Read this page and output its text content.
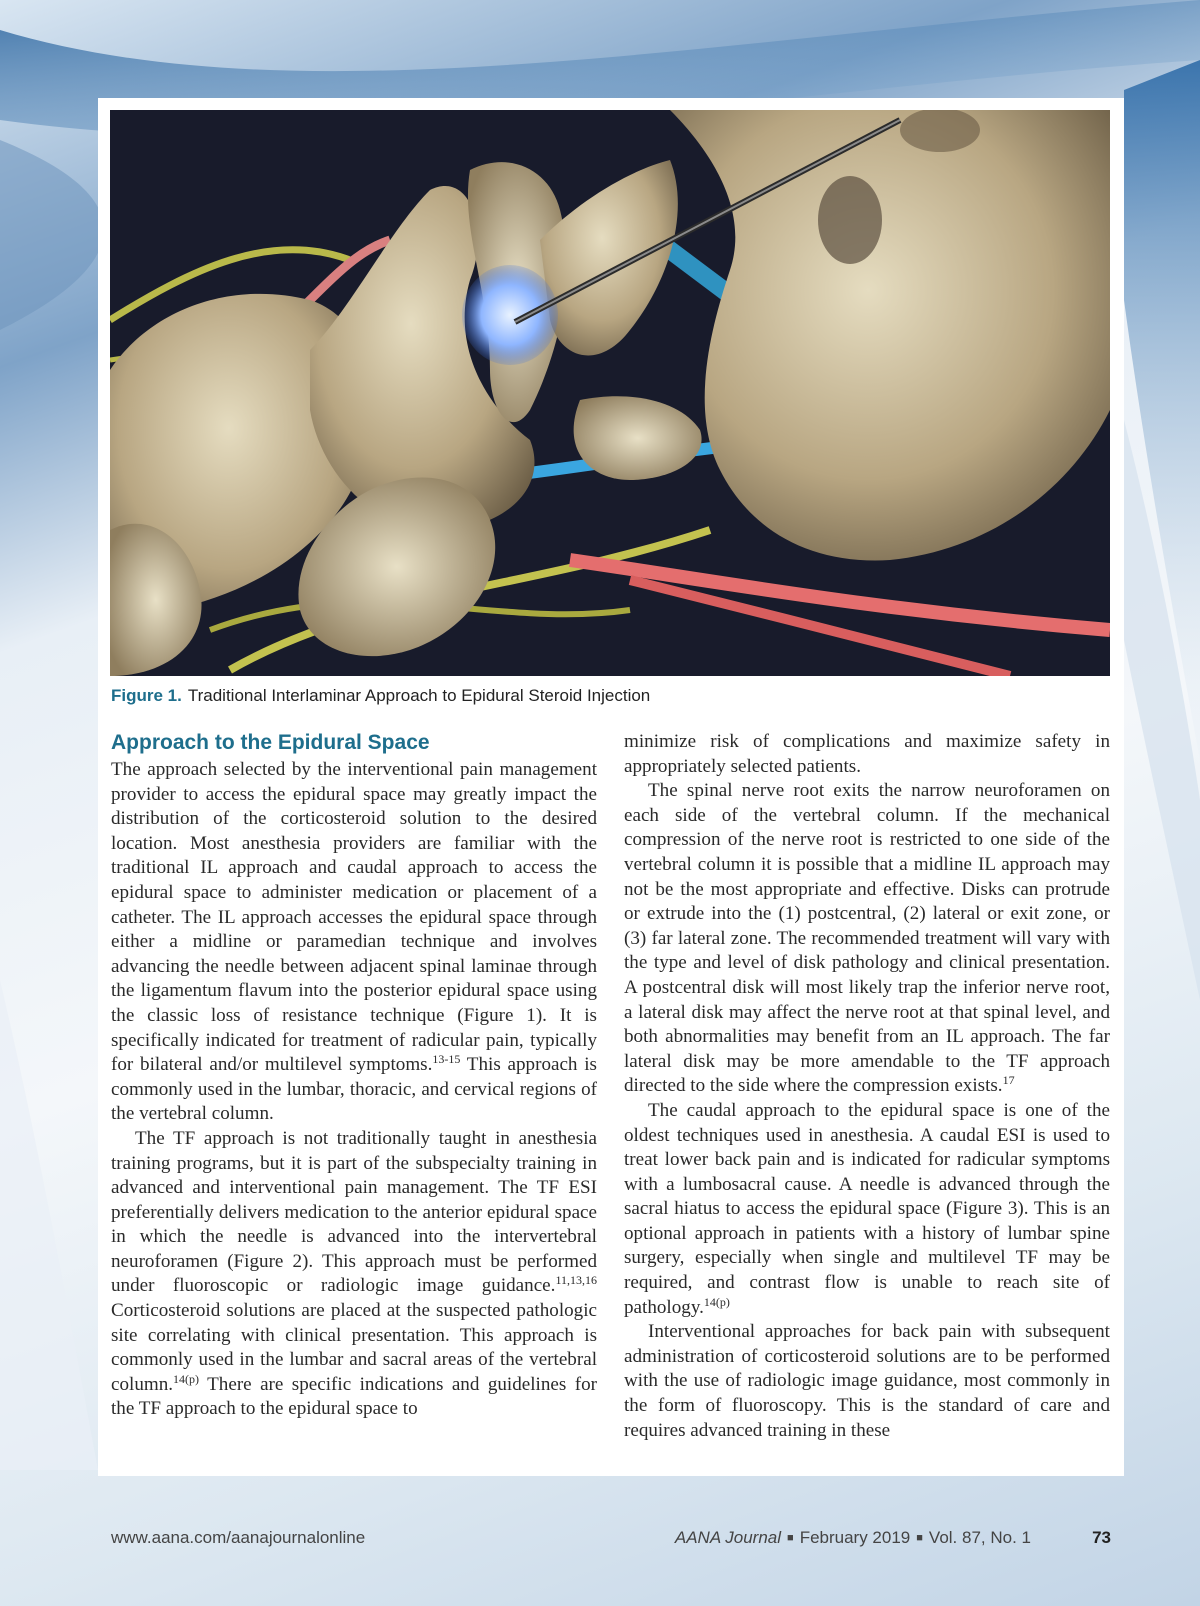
Figure 1. Traditional Interlaminar Approach to Epidural Steroid Injection
Approach to the Epidural Space

The approach selected by the interventional pain management provider to access the epidural space may greatly impact the distribution of the corticosteroid solution to the desired location. Most anesthesia providers are familiar with the traditional IL approach and caudal approach to access the epidural space to administer medication or placement of a catheter. The IL approach accesses the epidural space through either a midline or paramedian technique and involves advancing the needle between adjacent spinal laminae through the ligamentum flavum into the posterior epidural space using the classic loss of resistance technique (Figure 1). It is specifically indicated for treatment of radicular pain, typically for bilateral and/or multilevel symptoms.$^{13-15}$ This approach is commonly used in the lumbar, thoracic, and cervical regions of the vertebral column.

The TF approach is not traditionally taught in anesthesia training programs, but it is part of the subspecialty training in advanced and interventional pain management. The TF ESI preferentially delivers medication to the anterior epidural space in which the needle is advanced into the intervertebral neuroforamen (Figure 2). This approach must be performed under fluoroscopic or radiologic image guidance.$^{11,13,16}$ Corticosteroid solutions are placed at the suspected pathologic site correlating with clinical presentation. This approach is commonly used in the lumbar and sacral areas of the vertebral column.$^{14(p)}$ There are specific indications and guidelines for the TF approach to the epidural space to

minimize risk of complications and maximize safety in appropriately selected patients.

The spinal nerve root exits the narrow neuroforamen on each side of the vertebral column. If the mechanical compression of the nerve root is restricted to one side of the vertebral column it is possible that a midline IL approach may not be the most appropriate and effective. Disks can protrude or extrude into the (1) postcentral, (2) lateral or exit zone, or (3) far lateral zone. The recommended treatment will vary with the type and level of disk pathology and clinical presentation. A postcentral disk will most likely trap the inferior nerve root, a lateral disk may affect the nerve root at that spinal level, and both abnormalities may benefit from an IL approach. The far lateral disk may be more amendable to the TF approach directed to the side where the compression exists.$^{17}$

The caudal approach to the epidural space is one of the oldest techniques used in anesthesia. A caudal ESI is used to treat lower back pain and is indicated for radicular symptoms with a lumbosacral cause. A needle is advanced through the sacral hiatus to access the epidural space (Figure 3). This is an optional approach in patients with a history of lumbar spine surgery, especially when single and multilevel TF may be required, and contrast flow is unable to reach site of pathology.$^{14(p)}$

Interventional approaches for back pain with subsequent administration of corticosteroid solutions are to be performed with the use of radiologic image guidance, most commonly in the form of fluoroscopy. This is the standard of care and requires advanced training in these

www.aana.com/aanajournalonline	AANA Journal ■ February 2019 ■ Vol. 87, No. 1	73
